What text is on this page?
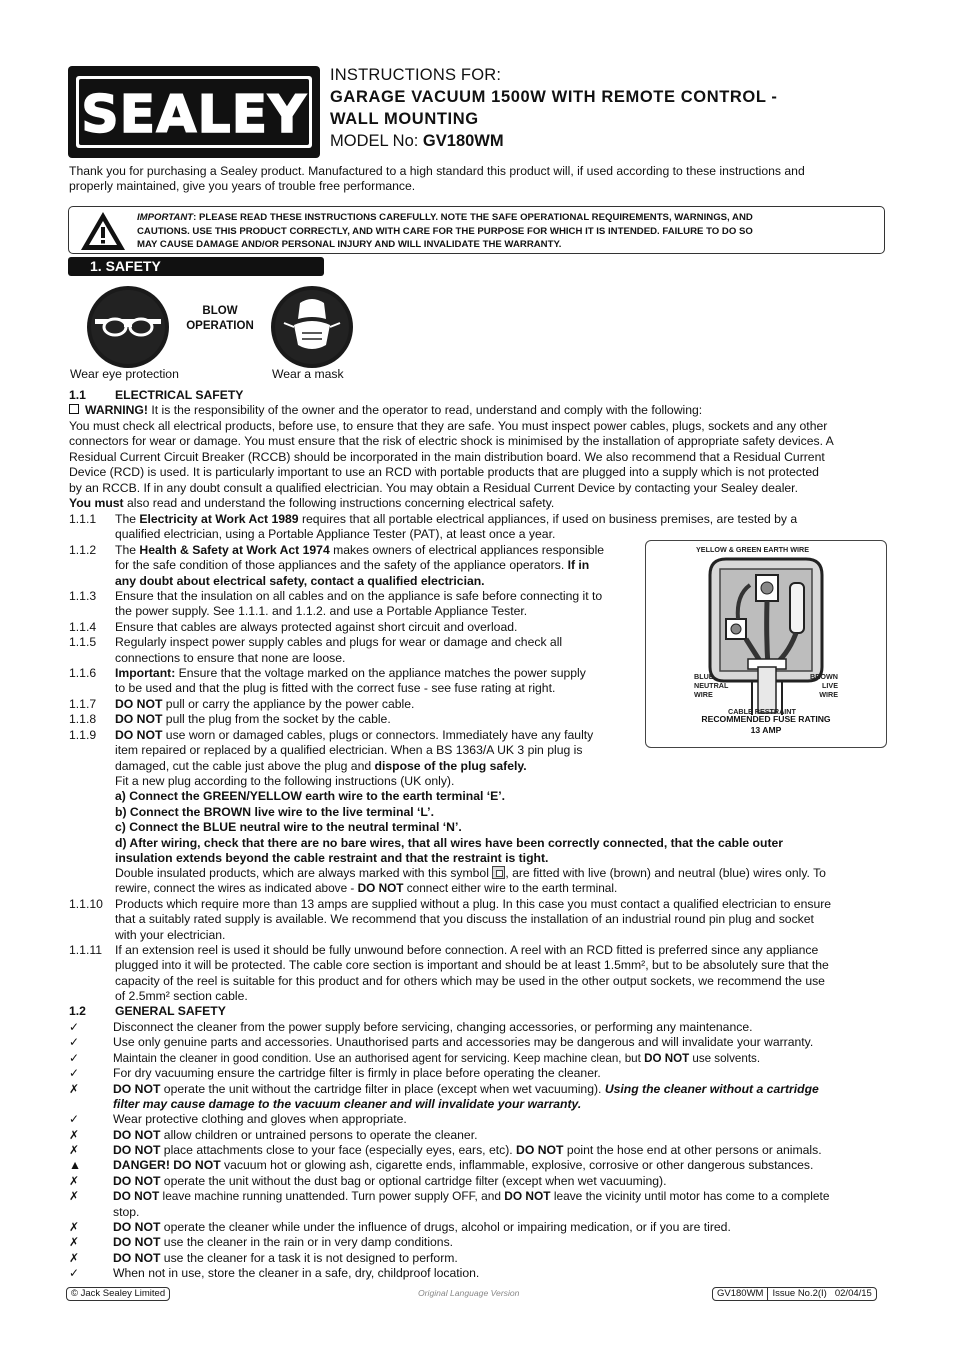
SEALEY
INSTRUCTIONS FOR:
GARAGE VACUUM 1500W WITH REMOTE CONTROL -
WALL MOUNTING
MODEL No: GV180WM
Thank you for purchasing a Sealey product. Manufactured to a high standard this product will, if used according to these instructions and
properly maintained, give you years of trouble free performance.
IMPORTANT: PLEASE READ THESE INSTRUCTIONS CAREFULLY. NOTE THE SAFE OPERATIONAL REQUIREMENTS, WARNINGS, AND
CAUTIONS. USE THIS PRODUCT CORRECTLY, AND WITH CARE FOR THE PURPOSE FOR WHICH IT IS INTENDED. FAILURE TO DO SO
MAY CAUSE DAMAGE AND/OR PERSONAL INJURY AND WILL INVALIDATE THE WARRANTY.
1. SAFETY
BLOW
OPERATION
Wear eye protection	Wear a mask
1.1 ELECTRICAL SAFETY
WARNING! It is the responsibility of the owner and the operator to read, understand and comply with the following:
You must check all electrical products, before use, to ensure that they are safe. You must inspect power cables, plugs, sockets and any other
connectors for wear or damage. You must ensure that the risk of electric shock is minimised by the installation of appropriate safety devices. A
Residual Current Circuit Breaker (RCCB) should be incorporated in the main distribution board. We also recommend that a Residual Current
Device (RCD) is used. It is particularly important to use an RCD with portable products that are plugged into a supply which is not protected
by an RCCB. If in any doubt consult a qualified electrician. You may obtain a Residual Current Device by contacting your Sealey dealer.
You must also read and understand the following instructions concerning electrical safety.
1.1.1 The Electricity at Work Act 1989 requires that all portable electrical appliances, if used on business premises, are tested by a
qualified electrician, using a Portable Appliance Tester (PAT), at least once a year.
1.1.2 The Health & Safety at Work Act 1974 makes owners of electrical appliances responsible
for the safe condition of those appliances and the safety of the appliance operators. If in
any doubt about electrical safety, contact a qualified electrician.
1.1.3 Ensure that the insulation on all cables and on the appliance is safe before connecting it to
the power supply. See 1.1.1. and 1.1.2. and use a Portable Appliance Tester.
1.1.4 Ensure that cables are always protected against short circuit and overload.
1.1.5 Regularly inspect power supply cables and plugs for wear or damage and check all
connections to ensure that none are loose.
1.1.6 Important: Ensure that the voltage marked on the appliance matches the power supply
to be used and that the plug is fitted with the correct fuse - see fuse rating at right.
1.1.7 DO NOT pull or carry the appliance by the power cable.
1.1.8 DO NOT pull the plug from the socket by the cable.
1.1.9 DO NOT use worn or damaged cables, plugs or connectors. Immediately have any faulty
item repaired or replaced by a qualified electrician. When a BS 1363/A UK 3 pin plug is
damaged, cut the cable just above the plug and dispose of the plug safely.
Fit a new plug according to the following instructions (UK only).
a) Connect the GREEN/YELLOW earth wire to the earth terminal ‘E’.
b) Connect the BROWN live wire to the live terminal ‘L’.
c) Connect the BLUE neutral wire to the neutral terminal ‘N’.
d) After wiring, check that there are no bare wires, that all wires have been correctly connected, that the cable outer
insulation extends beyond the cable restraint and that the restraint is tight.
Double insulated products, which are always marked with this symbol , are fitted with live (brown) and neutral (blue) wires only. To
rewire, connect the wires as indicated above - DO NOT connect either wire to the earth terminal.
1.1.10 Products which require more than 13 amps are supplied without a plug. In this case you must contact a qualified electrician to ensure
that a suitably rated supply is available. We recommend that you discuss the installation of an industrial round pin plug and socket
with your electrician.
1.1.11 If an extension reel is used it should be fully unwound before connection. A reel with an RCD fitted is preferred since any appliance
plugged into it will be protected. The cable core section is important and should be at least 1.5mm², but to be absolutely sure that the
capacity of the reel is suitable for this product and for others which may be used in the other output sockets, we recommend the use
of 2.5mm² section cable.
YELLOW & GREEN EARTH WIRE
BLUE
NEUTRAL
WIRE
BROWN
LIVE
WIRE
CABLE RESTRAINT
RECOMMENDED FUSE RATING
13 AMP
1.2 GENERAL SAFETY
✓	Disconnect the cleaner from the power supply before servicing, changing accessories, or performing any maintenance.
✓	Use only genuine parts and accessories. Unauthorised parts and accessories may be dangerous and will invalidate your warranty.
✓	Maintain the cleaner in good condition. Use an authorised agent for servicing. Keep machine clean, but DO NOT use solvents.
✓	For dry vacuuming ensure the cartridge filter is firmly in place before operating the cleaner.
✗	DO NOT operate the unit without the cartridge filter in place (except when wet vacuuming). Using the cleaner without a cartridge
filter may cause damage to the vacuum cleaner and will invalidate your warranty.
✓	Wear protective clothing and gloves when appropriate.
✗	DO NOT allow children or untrained persons to operate the cleaner.
✗	DO NOT place attachments close to your face (especially eyes, ears, etc). DO NOT point the hose end at other persons or animals.
▲	DANGER! DO NOT vacuum hot or glowing ash, cigarette ends, inflammable, explosive, corrosive or other dangerous substances.
✗	DO NOT operate the unit without the dust bag or optional cartridge filter (except when wet vacuuming).
✗	DO NOT leave machine running unattended. Turn power supply OFF, and DO NOT leave the vicinity until motor has come to a complete
stop.
✗	DO NOT operate the cleaner while under the influence of drugs, alcohol or impairing medication, or if you are tired.
✗	DO NOT use the cleaner in the rain or in very damp conditions.
✗	DO NOT use the cleaner for a task it is not designed to perform.
✓	When not in use, store the cleaner in a safe, dry, childproof location.
© Jack Sealey Limited	Original Language Version	GV180WM Issue No.2(I) 02/04/15
